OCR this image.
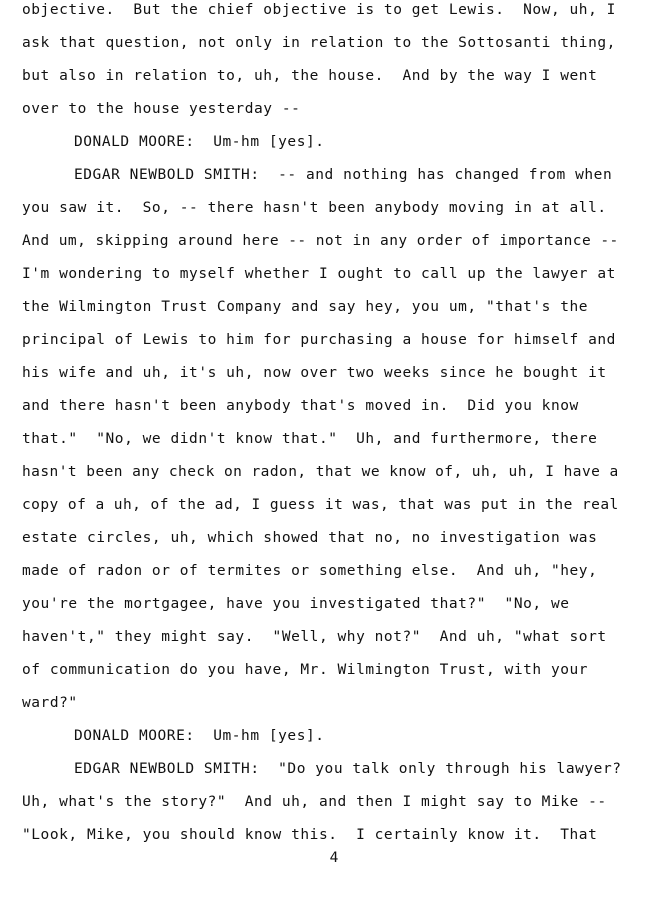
objective.  But the chief objective is to get Lewis.  Now, uh, I
ask that question, not only in relation to the Sottosanti thing,
but also in relation to, uh, the house.  And by the way I went
over to the house yesterday --
DONALD MOORE:  Um-hm [yes].
EDGAR NEWBOLD SMITH:  -- and nothing has changed from when
you saw it.  So, -- there hasn't been anybody moving in at all.
And um, skipping around here -- not in any order of importance --
I'm wondering to myself whether I ought to call up the lawyer at
the Wilmington Trust Company and say hey, you um, "that's the
principal of Lewis to him for purchasing a house for himself and
his wife and uh, it's uh, now over two weeks since he bought it
and there hasn't been anybody that's moved in.  Did you know
that."  "No, we didn't know that."  Uh, and furthermore, there
hasn't been any check on radon, that we know of, uh, uh, I have a
copy of a uh, of the ad, I guess it was, that was put in the real
estate circles, uh, which showed that no, no investigation was
made of radon or of termites or something else.  And uh, "hey,
you're the mortgagee, have you investigated that?"  "No, we
haven't," they might say.  "Well, why not?"  And uh, "what sort
of communication do you have, Mr. Wilmington Trust, with your
ward?"
DONALD MOORE:  Um-hm [yes].
EDGAR NEWBOLD SMITH:  "Do you talk only through his lawyer?
Uh, what's the story?"  And uh, and then I might say to Mike --
"Look, Mike, you should know this.  I certainly know it.  That
4
